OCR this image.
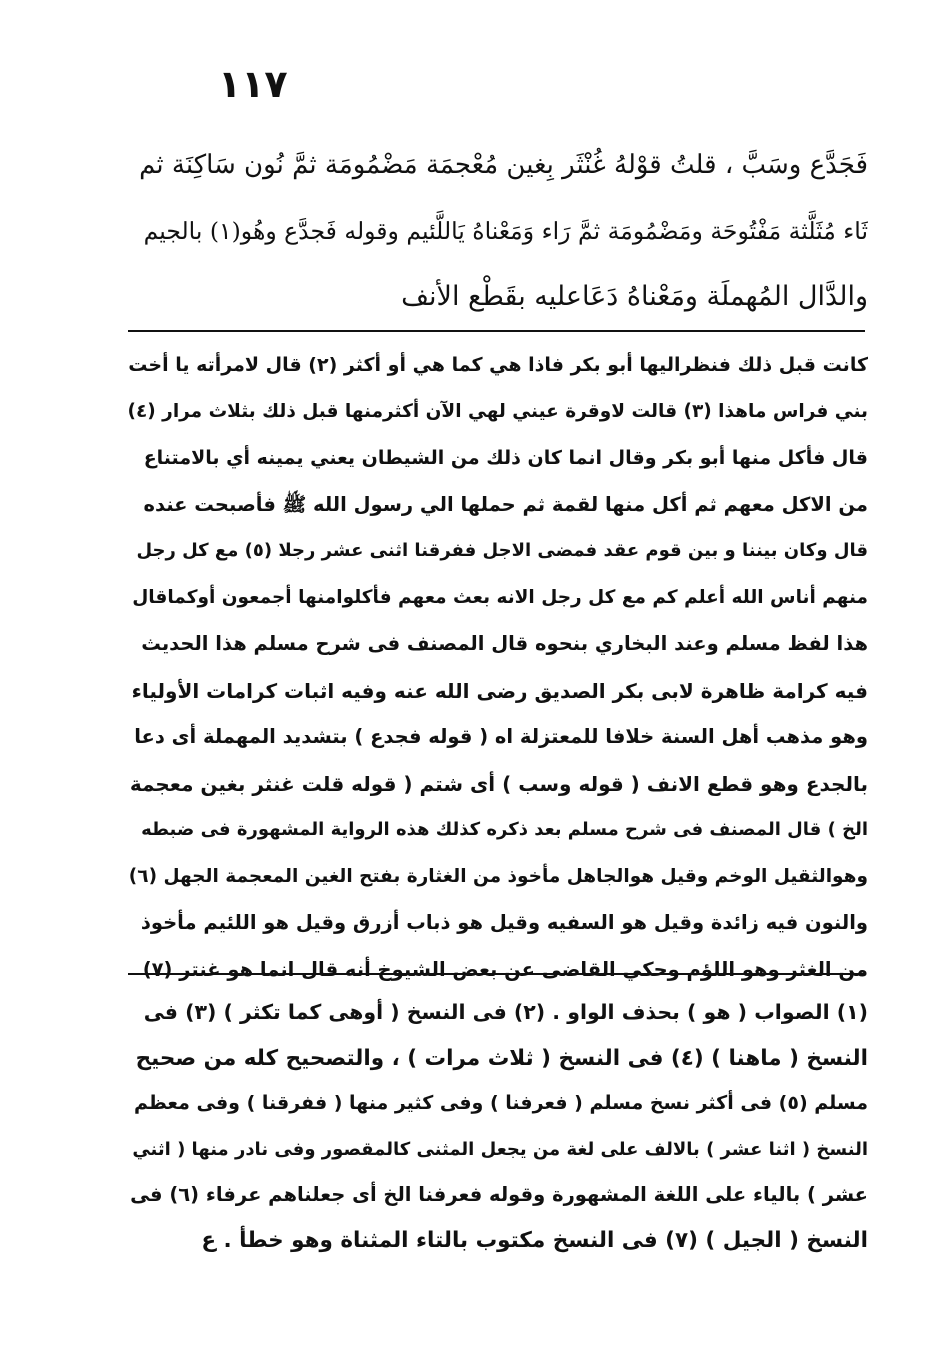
١١٧
فَجَدَّع وسَبَّ ، قلتُ قوْلهُ غُنْثَر بِغين مُعْجمَة مَضْمُومَة ثمَّ نُون سَاكِنَة ثم
ثَاء مُثَلَّثة مَفْتُوحَة ومَضْمُومَة ثمَّ رَاء وَمَعْناهُ يَاللَّئيم وقوله فَجدَّع وهُو(١) بالجيم
والدَّال المُهملَة ومَعْناهُ دَعَاعليه بقَطْع الأنف
كانت قبل ذلك فنظراليها أبو بكر فاذا هي كما هي أو أكثر (٢) قال لامرأته يا أخت
بني فراس ماهذا (٣) قالت لاوقرة عيني لهي الآن أكثرمنها قبل ذلك بثلاث مرار (٤)
قال فأكل منها أبو بكر وقال انما كان ذلك من الشيطان يعني يمينه أي بالامتناع
من الاكل معهم ثم أكل منها لقمة ثم حملها الي رسول الله ﷺ فأصبحت عنده
قال وكان بيننا و بين قوم عقد فمضى الاجل ففرقنا اثنى عشر رجلا (٥) مع كل رجل
منهم أناس الله أعلم كم مع كل رجل الانه بعث معهم فأكلوامنها أجمعون أوكماقال
هذا لفظ مسلم وعند البخاري بنحوه قال المصنف فى شرح مسلم هذا الحديث
فيه كرامة ظاهرة لابى بكر الصديق رضى الله عنه وفيه اثبات كرامات الأولياء
وهو مذهب أهل السنة خلافا للمعتزلة اه ( قوله فجدع ) بتشديد المهملة أى دعا
بالجدع وهو قطع الانف ( قوله وسب ) أى شتم ( قوله قلت غنثر بغين معجمة
الخ ) قال المصنف فى شرح مسلم بعد ذكره كذلك هذه الرواية المشهورة فى ضبطه
وهوالثقيل الوخم وقيل هوالجاهل مأخوذ من الغثارة بفتح الغين المعجمة الجهل (٦)
والنون فيه زائدة وقيل هو السفيه وقيل هو ذباب أزرق وقيل هو اللئيم مأخوذ
من الغثر وهو اللؤم وحكي القاضى عن بعض الشيوخ أنه قال انما هو غنتر (٧)
(١) الصواب ( هو ) بحذف الواو . (٢) فى النسخ ( أوهى كما تكثر ) (٣) فى
النسخ ( ماهنا ) (٤) فى النسخ ( ثلاث مرات ) ، والتصحيح كله من صحيح
مسلم (٥) فى أكثر نسخ مسلم ( فعرفنا ) وفى كثير منها ( ففرقنا ) وفى معظم
النسخ ( اثنا عشر ) بالالف على لغة من يجعل المثنى كالمقصور وفى نادر منها ( اثني
عشر ) بالياء على اللغة المشهورة وقوله فعرفنا الخ أى جعلناهم عرفاء (٦) فى
النسخ ( الجيل ) (٧) فى النسخ مكتوب بالتاء المثناة وهو خطأ . ع
